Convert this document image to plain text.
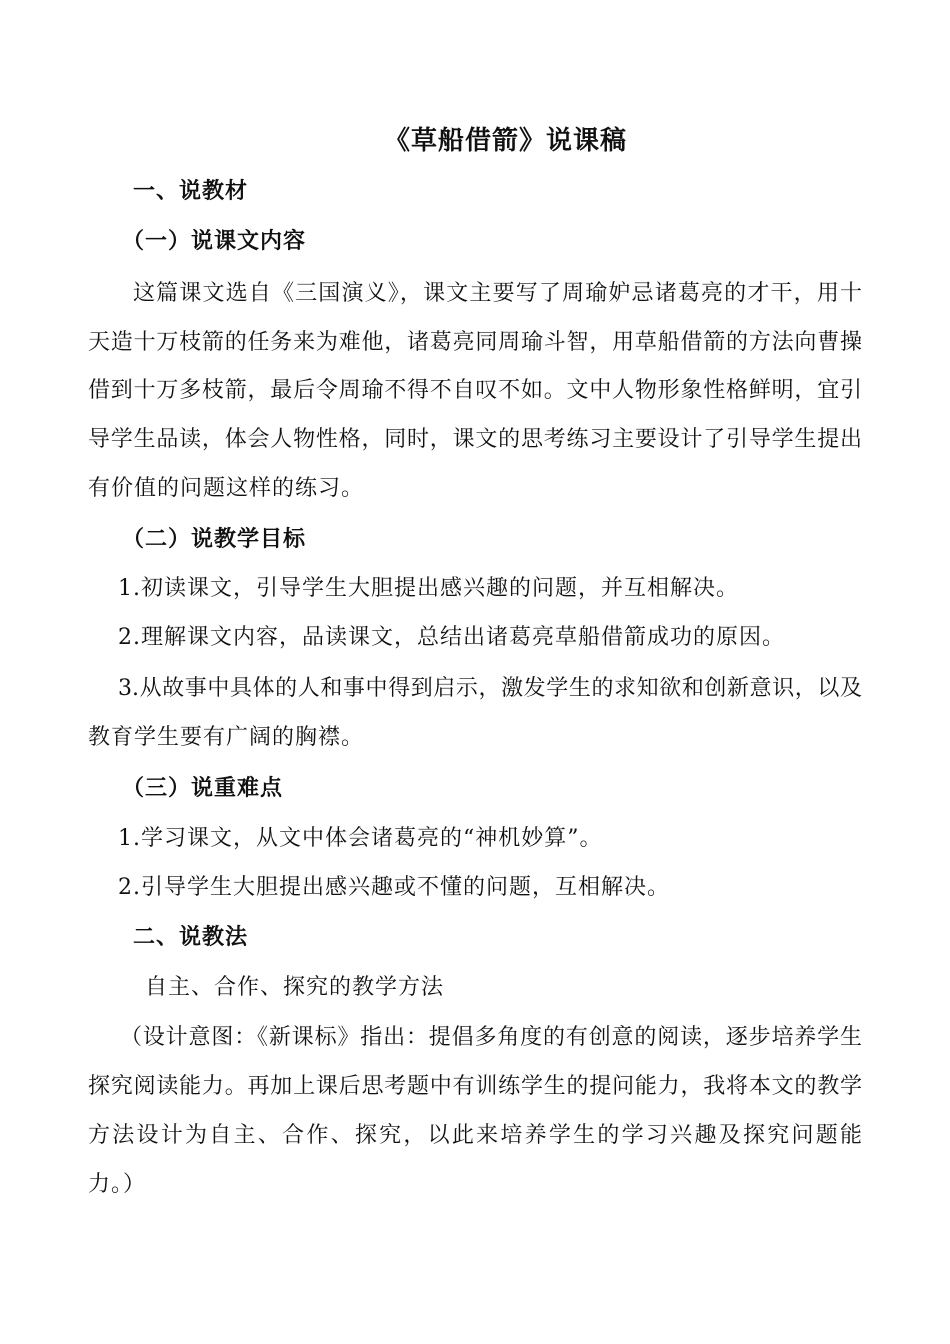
《草船借箭》说课稿
一、说教材
（一）说课文内容
这篇课文选自《三国演义》，课文主要写了周瑜妒忌诸葛亮的才干，用十
天造十万枝箭的任务来为难他，诸葛亮同周瑜斗智，用草船借箭的方法向曹操
借到十万多枝箭，最后令周瑜不得不自叹不如。文中人物形象性格鲜明，宜引
导学生品读，体会人物性格，同时，课文的思考练习主要设计了引导学生提出
有价值的问题这样的练习。
（二）说教学目标
1.初读课文，引导学生大胆提出感兴趣的问题，并互相解决。
2.理解课文内容，品读课文，总结出诸葛亮草船借箭成功的原因。
3.从故事中具体的人和事中得到启示，激发学生的求知欲和创新意识，以及
教育学生要有广阔的胸襟。
（三）说重难点
1.学习课文，从文中体会诸葛亮的“神机妙算”。
2.引导学生大胆提出感兴趣或不懂的问题，互相解决。
二、说教法
自主、合作、探究的教学方法
（设计意图：《新课标》指出：提倡多角度的有创意的阅读，逐步培养学生
探究阅读能力。再加上课后思考题中有训练学生的提问能力，我将本文的教学
方法设计为自主、合作、探究，以此来培养学生的学习兴趣及探究问题能
力。）
